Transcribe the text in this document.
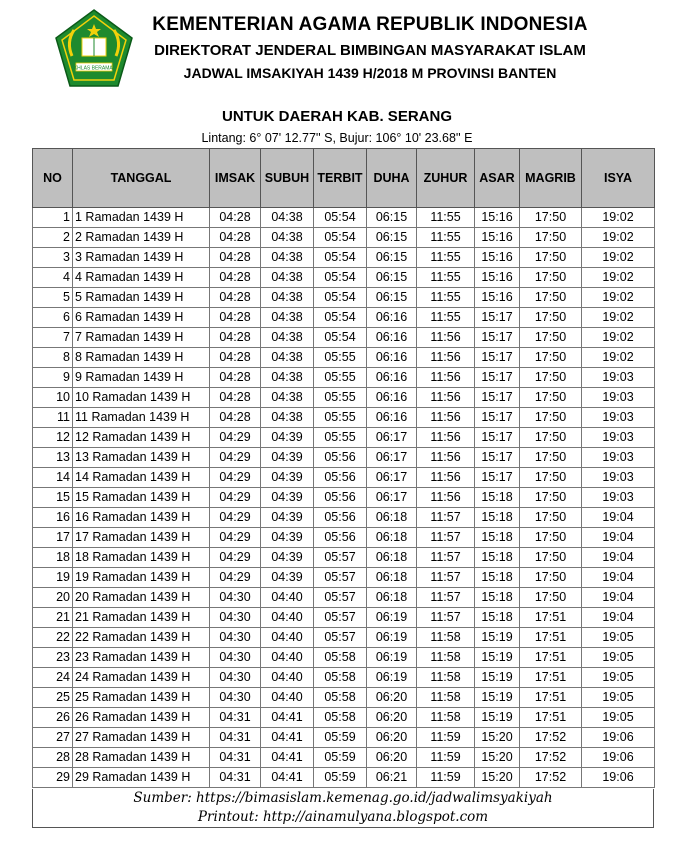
IKHLAS BERAMAL
KEMENTERIAN AGAMA REPUBLIK INDONESIA
DIREKTORAT JENDERAL BIMBINGAN MASYARAKAT ISLAM
JADWAL IMSAKIYAH 1439 H/2018 M PROVINSI BANTEN
UNTUK DAERAH KAB. SERANG
Lintang: 6° 07' 12.77'' S, Bujur: 106° 10' 23.68'' E
NO	TANGGAL	IMSAK	SUBUH	TERBIT	DUHA	ZUHUR	ASAR	MAGRIB	ISYA
1	1 Ramadan 1439 H	04:28	04:38	05:54	06:15	11:55	15:16	17:50	19:02
2	2 Ramadan 1439 H	04:28	04:38	05:54	06:15	11:55	15:16	17:50	19:02
3	3 Ramadan 1439 H	04:28	04:38	05:54	06:15	11:55	15:16	17:50	19:02
4	4 Ramadan 1439 H	04:28	04:38	05:54	06:15	11:55	15:16	17:50	19:02
5	5 Ramadan 1439 H	04:28	04:38	05:54	06:15	11:55	15:16	17:50	19:02
6	6 Ramadan 1439 H	04:28	04:38	05:54	06:16	11:55	15:17	17:50	19:02
7	7 Ramadan 1439 H	04:28	04:38	05:54	06:16	11:56	15:17	17:50	19:02
8	8 Ramadan 1439 H	04:28	04:38	05:55	06:16	11:56	15:17	17:50	19:02
9	9 Ramadan 1439 H	04:28	04:38	05:55	06:16	11:56	15:17	17:50	19:03
10	10 Ramadan 1439 H	04:28	04:38	05:55	06:16	11:56	15:17	17:50	19:03
11	11 Ramadan 1439 H	04:28	04:38	05:55	06:16	11:56	15:17	17:50	19:03
12	12 Ramadan 1439 H	04:29	04:39	05:55	06:17	11:56	15:17	17:50	19:03
13	13 Ramadan 1439 H	04:29	04:39	05:56	06:17	11:56	15:17	17:50	19:03
14	14 Ramadan 1439 H	04:29	04:39	05:56	06:17	11:56	15:17	17:50	19:03
15	15 Ramadan 1439 H	04:29	04:39	05:56	06:17	11:56	15:18	17:50	19:03
16	16 Ramadan 1439 H	04:29	04:39	05:56	06:18	11:57	15:18	17:50	19:04
17	17 Ramadan 1439 H	04:29	04:39	05:56	06:18	11:57	15:18	17:50	19:04
18	18 Ramadan 1439 H	04:29	04:39	05:57	06:18	11:57	15:18	17:50	19:04
19	19 Ramadan 1439 H	04:29	04:39	05:57	06:18	11:57	15:18	17:50	19:04
20	20 Ramadan 1439 H	04:30	04:40	05:57	06:18	11:57	15:18	17:50	19:04
21	21 Ramadan 1439 H	04:30	04:40	05:57	06:19	11:57	15:18	17:51	19:04
22	22 Ramadan 1439 H	04:30	04:40	05:57	06:19	11:58	15:19	17:51	19:05
23	23 Ramadan 1439 H	04:30	04:40	05:58	06:19	11:58	15:19	17:51	19:05
24	24 Ramadan 1439 H	04:30	04:40	05:58	06:19	11:58	15:19	17:51	19:05
25	25 Ramadan 1439 H	04:30	04:40	05:58	06:20	11:58	15:19	17:51	19:05
26	26 Ramadan 1439 H	04:31	04:41	05:58	06:20	11:58	15:19	17:51	19:05
27	27 Ramadan 1439 H	04:31	04:41	05:59	06:20	11:59	15:20	17:52	19:06
28	28 Ramadan 1439 H	04:31	04:41	05:59	06:20	11:59	15:20	17:52	19:06
29	29 Ramadan 1439 H	04:31	04:41	05:59	06:21	11:59	15:20	17:52	19:06
Sumber: https://bimasislam.kemenag.go.id/jadwalimsyakiyah
Printout: http://ainamulyana.blogspot.com
